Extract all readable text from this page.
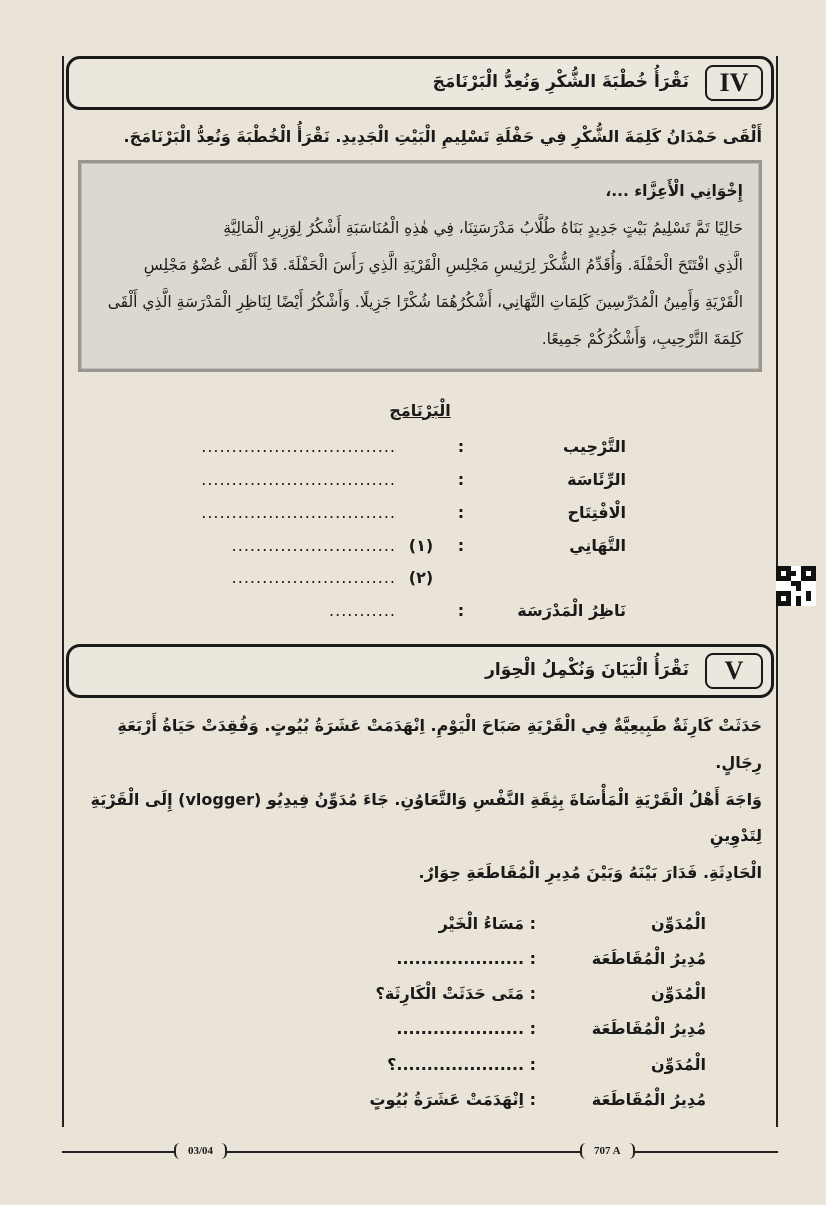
IV
نَقْرَأُ خُطْبَةَ الشُّكْرِ وَنُعِدُّ الْبَرْنَامَجَ
أَلْقَى حَمْدَانُ كَلِمَةَ الشُّكْرِ فِي حَفْلَةِ تَسْلِيمِ الْبَيْتِ الْجَدِيدِ. نَقْرَأُ الْخُطْبَةَ وَنُعِدُّ الْبَرْنَامَجَ.
إِخْوَانِي الْأَعِزَّاء ...،
حَالِيًا تَمَّ تَسْلِيمُ بَيْتٍ جَدِيدٍ بَنَاهُ طُلَّابُ مَدْرَسَتِنَا، فِي هٰذِهِ الْمُنَاسَبَةِ أَشْكُرُ لِوَزِيرِ الْمَالِيَّةِ
الَّذِي افْتَتَحَ الْحَفْلَةَ. وَأُقَدِّمُ الشُّكْرَ لِرَئِيسِ مَجْلِسِ الْقَرْيَةِ الَّذِي رَأَسَ الْحَفْلَةَ. قَدْ أَلْقَى عُضْوُ مَجْلِسِ
الْقَرْيَةِ وَأَمِينُ الْمُدَرِّسِينَ كَلِمَاتِ التَّهَانِي، أَشْكُرُهُمَا شُكْرًا جَزِيلًا. وَأَشْكُرُ أَيْضًا لِنَاظِرِ الْمَدْرَسَةِ الَّذِي أَلْقَى
كَلِمَةَ التَّرْحِيبِ، وَأَشْكُرُكُمْ جَمِيعًا.
الْبَرْنَامَج
التَّرْحِيب
:
................................
الرِّئَاسَة
:
................................
الْافْتِتَاح
:
................................
التَّهَانِي
:
(١)
...........................
(٢)
...........................
نَاظِرُ الْمَدْرَسَة
:
...........
V
نَقْرَأُ الْبَيَانَ وَنُكْمِلُ الْحِوَار
حَدَثَتْ كَارِثَةٌ طَبِيعِيَّةٌ فِي الْقَرْيَةِ صَبَاحَ الْيَوْمِ. اِنْهَدَمَتْ عَشَرَةُ بُيُوتٍ. وَفُقِدَتْ حَيَاةُ أَرْبَعَةِ رِجَالٍ.
وَاجَهَ أَهْلُ الْقَرْيَةِ الْمَأْسَاةَ بِثِقَةِ النَّفْسِ وَالتَّعَاوُنِ. جَاءَ مُدَوِّنُ فِيدِيُو (vlogger) إِلَى الْقَرْيَةِ لِتَدْوِينِ
الْحَادِثَةِ. فَدَارَ بَيْنَهُ وَبَيْنَ مُدِيرِ الْمُقَاطَعَةِ حِوَارٌ.
الْمُدَوِّن
: مَسَاءُ الْخَيْر
مُدِيرُ الْمُقَاطَعَة
: .....................
الْمُدَوِّن
: مَتَى حَدَثَتْ الْكَارِثَة؟
مُدِيرُ الْمُقَاطَعَة
: .....................
الْمُدَوِّن
: .....................؟
مُدِيرُ الْمُقَاطَعَة
: اِنْهَدَمَتْ عَشَرَةُ بُيُوتٍ
03/04	707 A
